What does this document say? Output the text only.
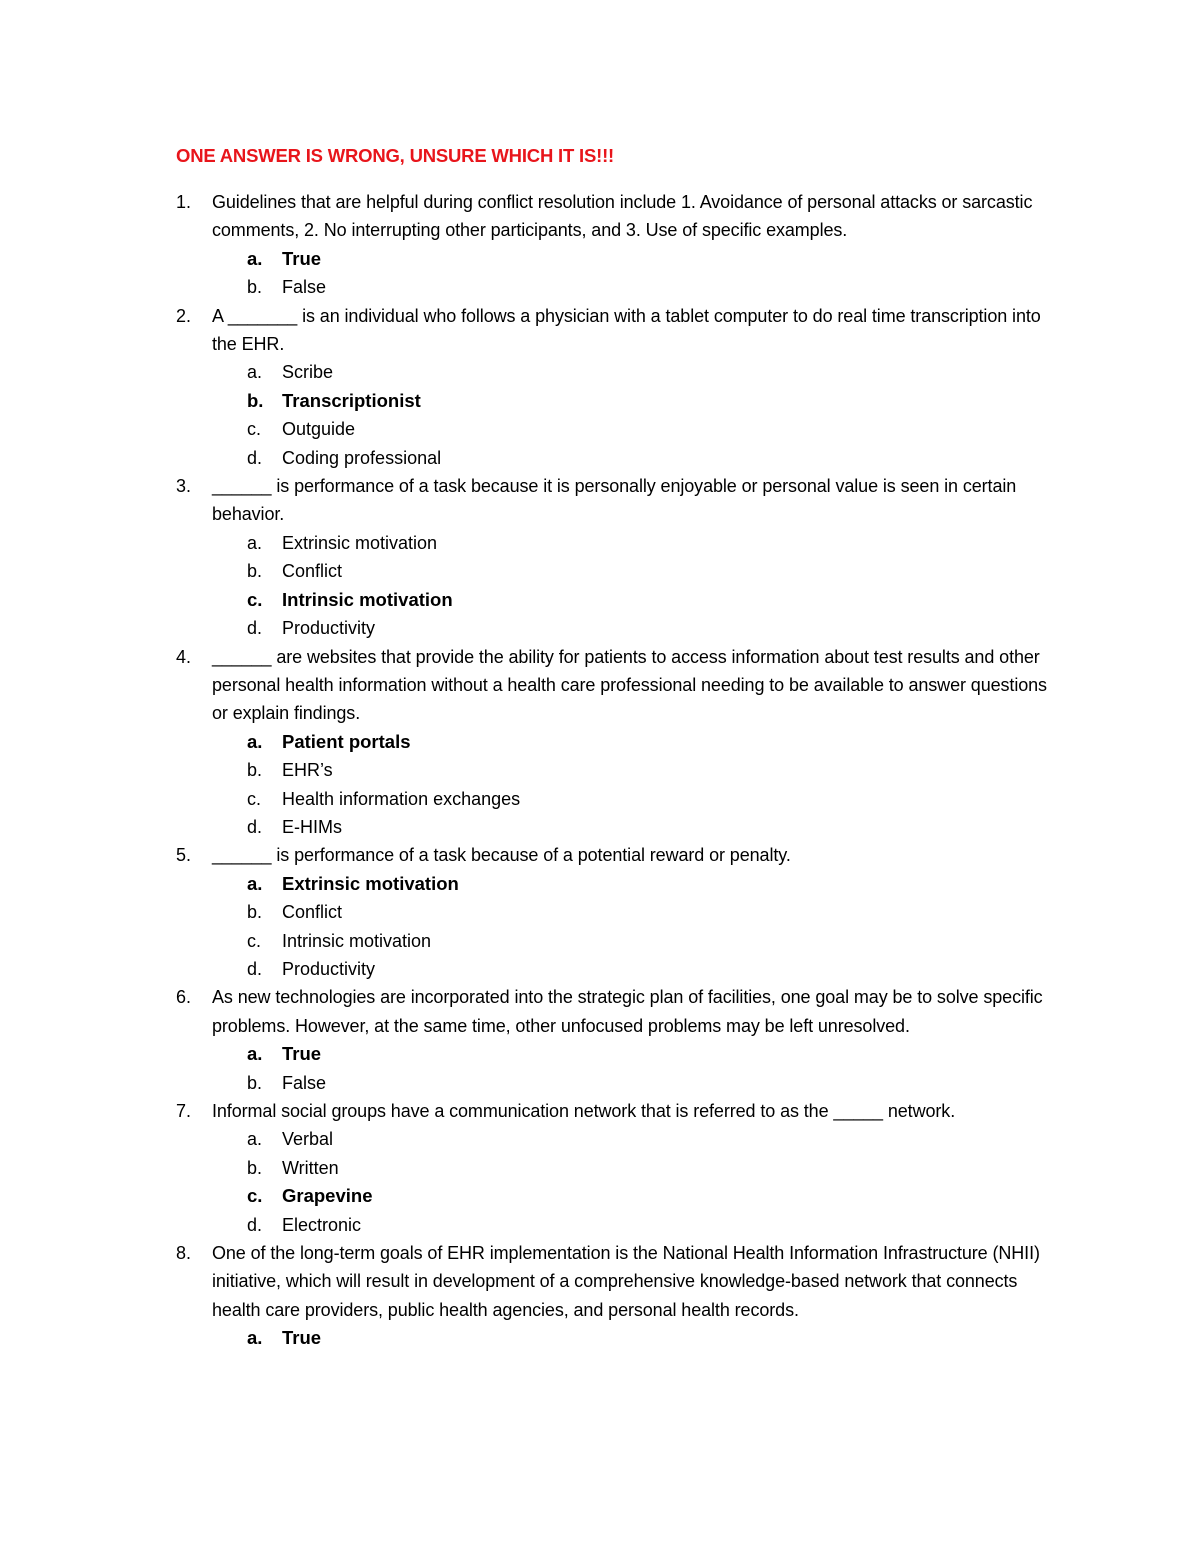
ONE ANSWER IS WRONG, UNSURE WHICH IT IS!!!
1. Guidelines that are helpful during conflict resolution include 1. Avoidance of personal attacks or sarcastic comments, 2. No interrupting other participants, and 3. Use of specific examples.
a. True
b. False
2. A _______ is an individual who follows a physician with a tablet computer to do real time transcription into the EHR.
a. Scribe
b. Transcriptionist
c. Outguide
d. Coding professional
3. ______ is performance of a task because it is personally enjoyable or personal value is seen in certain behavior.
a. Extrinsic motivation
b. Conflict
c. Intrinsic motivation
d. Productivity
4. ______ are websites that provide the ability for patients to access information about test results and other personal health information without a health care professional needing to be available to answer questions or explain findings.
a. Patient portals
b. EHR’s
c. Health information exchanges
d. E-HIMs
5. ______ is performance of a task because of a potential reward or penalty.
a. Extrinsic motivation
b. Conflict
c. Intrinsic motivation
d. Productivity
6. As new technologies are incorporated into the strategic plan of facilities, one goal may be to solve specific problems. However, at the same time, other unfocused problems may be left unresolved.
a. True
b. False
7. Informal social groups have a communication network that is referred to as the _____ network.
a. Verbal
b. Written
c. Grapevine
d. Electronic
8. One of the long-term goals of EHR implementation is the National Health Information Infrastructure (NHII) initiative, which will result in development of a comprehensive knowledge-based network that connects health care providers, public health agencies, and personal health records.
a. True
